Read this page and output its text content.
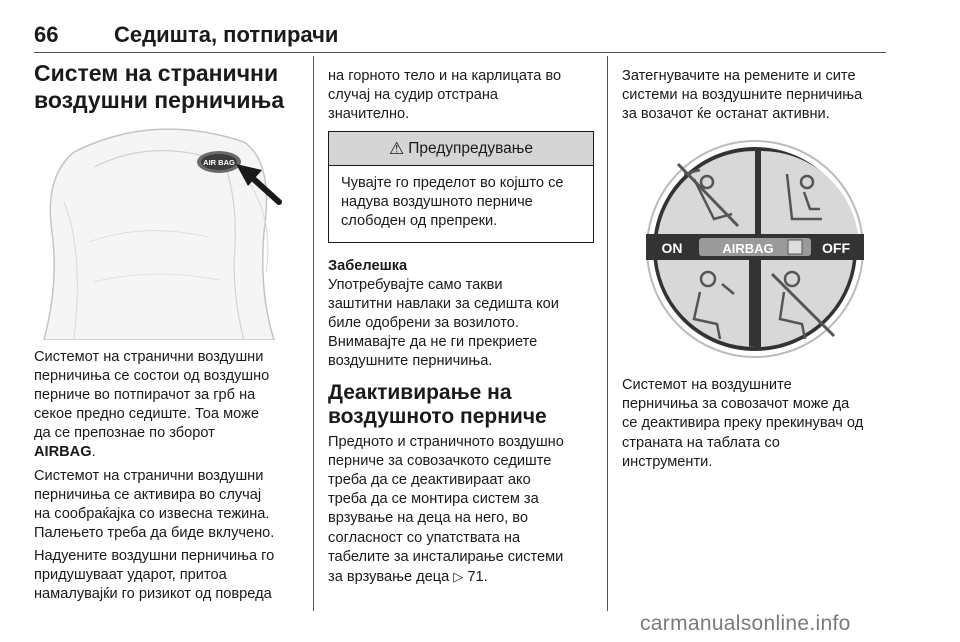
66	Седишта, потпирачи
Систем на странични
воздушни перничиња
AIR BAG

Системот на странични воздушни
перничиња се состои од воздушно
перниче во потпирачот за грб на
секое предно седиште. Тоа може
да се препознае по зборот
AIRBAG.

Системот на странични воздушни
перничиња се активира во случај
на сообраќајка со извесна тежина.
Палењето треба да биде вклучено.

Надуените воздушни перничиња го
придушуваат ударот, притоа
намалувајќи го ризикот од повреда

на горното тело и на карлицата во
случај на судир отстрана
значително.

⚠ Предупредување

Чувајте го пределот во којшто се
надува воздушното перниче
слободен од препреки.

Забелешка

Употребувајте само такви
заштитни навлаки за седишта кои
биле одобрени за возилото.
Внимавајте да не ги прекриете
воздушните перничиња.

Деактивирање на
воздушното перниче

Предното и страничното воздушно
перниче за совозачкото седиште
треба да се деактивираат ако
треба да се монтира систем за
врзување на деца на него, во
согласност со упатствата на
табелите за инсталирање системи
за врзување деца ▷ 71.

Затегнувачите на ремените и сите
системи на воздушните перничиња
за возачот ќе останат активни.

ON	AIRBAG	OFF

Системот на воздушните
перничиња за совозачот може да
се деактивира преку прекинувач од
страната на таблата со
инструменти.

carmanualsonline.info
